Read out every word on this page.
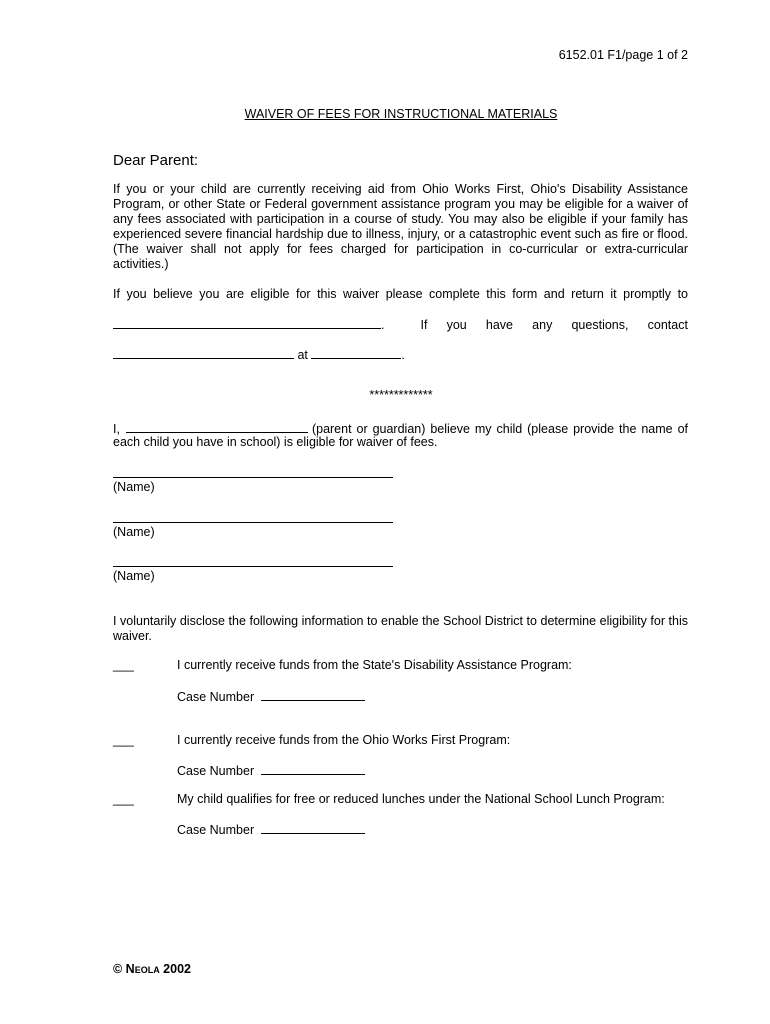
6152.01 F1/page 1 of 2
WAIVER OF FEES FOR INSTRUCTIONAL MATERIALS
Dear Parent:
If you or your child are currently receiving aid from Ohio Works First, Ohio's Disability Assistance Program, or other State or Federal government assistance program you may be eligible for a waiver of any fees associated with participation in a course of study. You may also be eligible if your family has experienced severe financial hardship due to illness, injury, or a catastrophic event such as fire or flood. (The waiver shall not apply for fees charged for participation in co-curricular or extra-curricular activities.)
If you believe you are eligible for this waiver please complete this form and return it promptly to
.	If you have any questions, contact
at	.
*************
I,	(parent or guardian) believe my child (please provide the name of
each child you have in school) is eligible for waiver of fees.
(Name)
(Name)
(Name)
I voluntarily disclose the following information to enable the School District to determine eligibility for this waiver.
___	I currently receive funds from the State's Disability Assistance Program:
Case Number
___	I currently receive funds from the Ohio Works First Program:
Case Number
___	My child qualifies for free or reduced lunches under the National School Lunch Program:
Case Number
© Neola 2002
